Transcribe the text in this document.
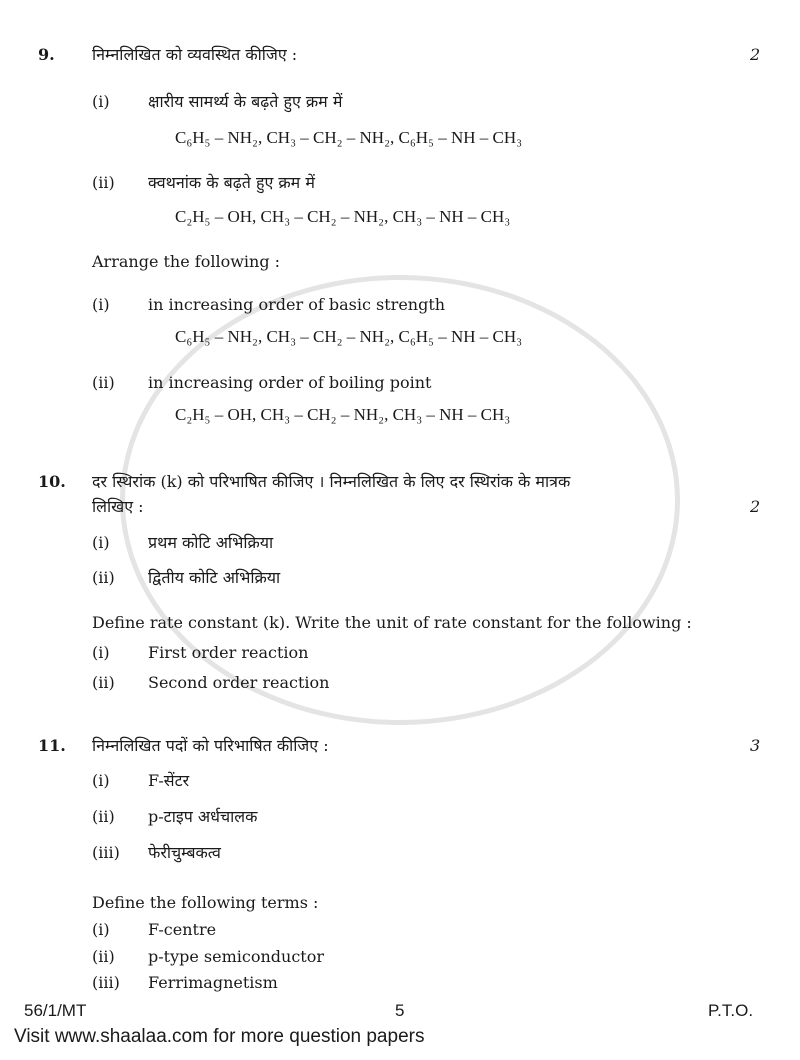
9. निम्नलिखित को व्यवस्थित कीजिए :	2
(i) क्षारीय सामर्थ्य के बढ़ते हुए क्रम में
C₆H₅ – NH₂, CH₃ – CH₂ – NH₂, C₆H₅ – NH – CH₃
(ii) क्वथनांक के बढ़ते हुए क्रम में
C₂H₅ – OH, CH₃ – CH₂ – NH₂, CH₃ – NH – CH₃
Arrange the following :
(i) in increasing order of basic strength
C₆H₅ – NH₂, CH₃ – CH₂ – NH₂, C₆H₅ – NH – CH₃
(ii) in increasing order of boiling point
C₂H₅ – OH, CH₃ – CH₂ – NH₂, CH₃ – NH – CH₃
10. दर स्थिरांक (k) को परिभाषित कीजिए । निम्नलिखित के लिए दर स्थिरांक के मात्रक
लिखिए :	2
(i) प्रथम कोटि अभिक्रिया
(ii) द्वितीय कोटि अभिक्रिया
Define rate constant (k). Write the unit of rate constant for the following :
(i) First order reaction
(ii) Second order reaction
11. निम्नलिखित पदों को परिभाषित कीजिए :	3
(i) F-सेंटर
(ii) p-टाइप अर्धचालक
(iii) फेरीचुम्बकत्व
Define the following terms :
(i) F-centre
(ii) p-type semiconductor
(iii) Ferrimagnetism
56/1/MT	5	P.T.O.
Visit www.shaalaa.com for more question papers
